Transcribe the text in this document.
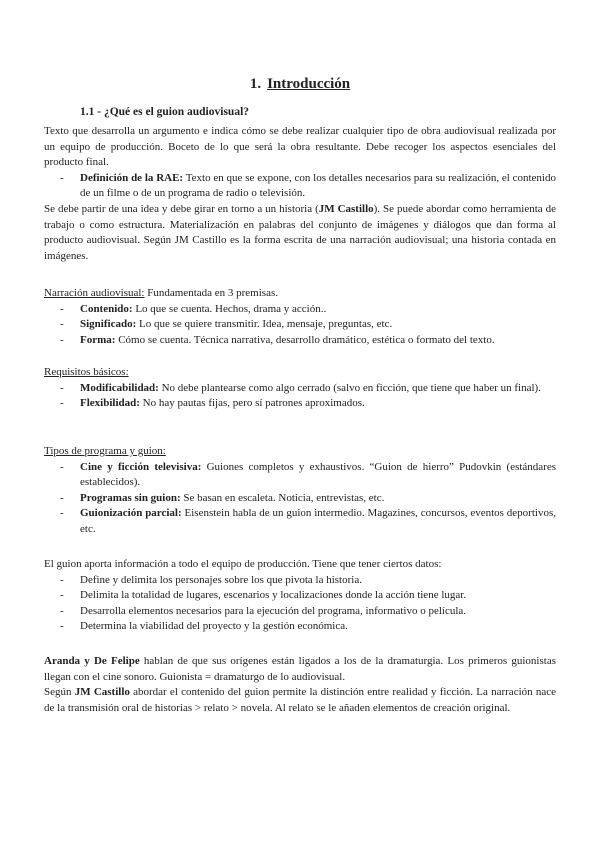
1. Introducción
1.1 - ¿Qué es el guion audiovisual?
Texto que desarrolla un argumento e indica cómo se debe realizar cualquier tipo de obra audiovisual realizada por un equipo de producción. Boceto de lo que será la obra resultante. Debe recoger los aspectos esenciales del producto final.
- Definición de la RAE: Texto en que se expone, con los detalles necesarios para su realización, el contenido de un filme o de un programa de radio o televisión.
Se debe partir de una idea y debe girar en torno a un historia (JM Castillo). Se puede abordar como herramienta de trabajo o como estructura. Materialización en palabras del conjunto de imágenes y diálogos que dan forma al producto audiovisual. Según JM Castillo es la forma escrita de una narración audiovisual; una historia contada en imágenes.
Narración audiovisual: Fundamentada en 3 premisas.
- Contenido: Lo que se cuenta. Hechos, drama y acción..
- Significado: Lo que se quiere transmitir. Idea, mensaje, preguntas, etc.
- Forma: Cómo se cuenta. Técnica narrativa, desarrollo dramático, estética o formato del texto.
Requisitos básicos:
- Modificabilidad: No debe plantearse como algo cerrado (salvo en ficción, que tiene que haber un final).
- Flexibilidad: No hay pautas fijas, pero sí patrones aproximados.
Tipos de programa y guion:
- Cine y ficción televisiva: Guiones completos y exhaustivos. “Guion de hierro” Pudovkin (estándares establecidos).
- Programas sin guion: Se basan en escaleta. Noticia, entrevistas, etc.
- Guionización parcial: Eisenstein habla de un guion intermedio. Magazines, concursos, eventos deportivos, etc.
El guion aporta información a todo el equipo de producción. Tiene que tener ciertos datos:
- Define y delimita los personajes sobre los que pivota la historia.
- Delimita la totalidad de lugares, escenarios y localizaciones donde la acción tiene lugar.
- Desarrolla elementos necesarios para la ejecución del programa, informativo o película.
- Determina la viabilidad del proyecto y la gestión económica.
Aranda y De Felipe hablan de que sus orígenes están ligados a los de la dramaturgia. Los primeros guionistas llegan con el cine sonoro. Guionista = dramaturgo de lo audiovisual.
Según JM Castillo abordar el contenido del guion permite la distinción entre realidad y ficción. La narración nace de la transmisión oral de historias > relato > novela. Al relato se le añaden elementos de creación original.
